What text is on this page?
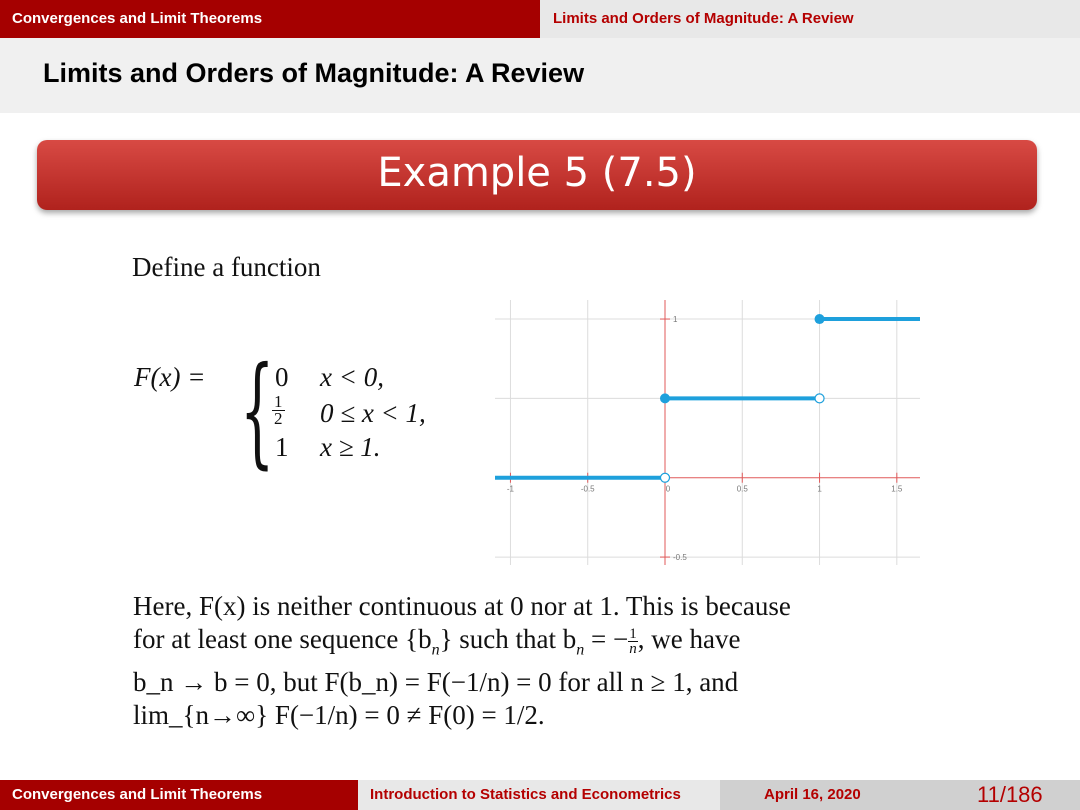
Convergences and Limit Theorems	Limits and Orders of Magnitude: A Review
Limits and Orders of Magnitude: A Review
Example 5 (7.5)
Define a function
F(x) = { 0 x < 0,
$\frac{1}{2} 0 \le x < 1$,
1 x ≥ 1.
-1	-0.5	0	0.5	1	1.5
1
-0.5
Here, F(x) is neither continuous at 0 nor at 1. This is because
for at least one sequence $\{b_n\}$ such that $b_n$ = − $\frac{1}{n}$ , we have
b_n → b = 0, but F(b_n) = F(−1/n) = 0 for all n ≥ 1, and
lim_{n→∞} F(−1/n) = 0 ≠ F(0) = 1/2.
Convergences and Limit Theorems	Introduction to Statistics and Econometrics	April 16, 2020	11/186
